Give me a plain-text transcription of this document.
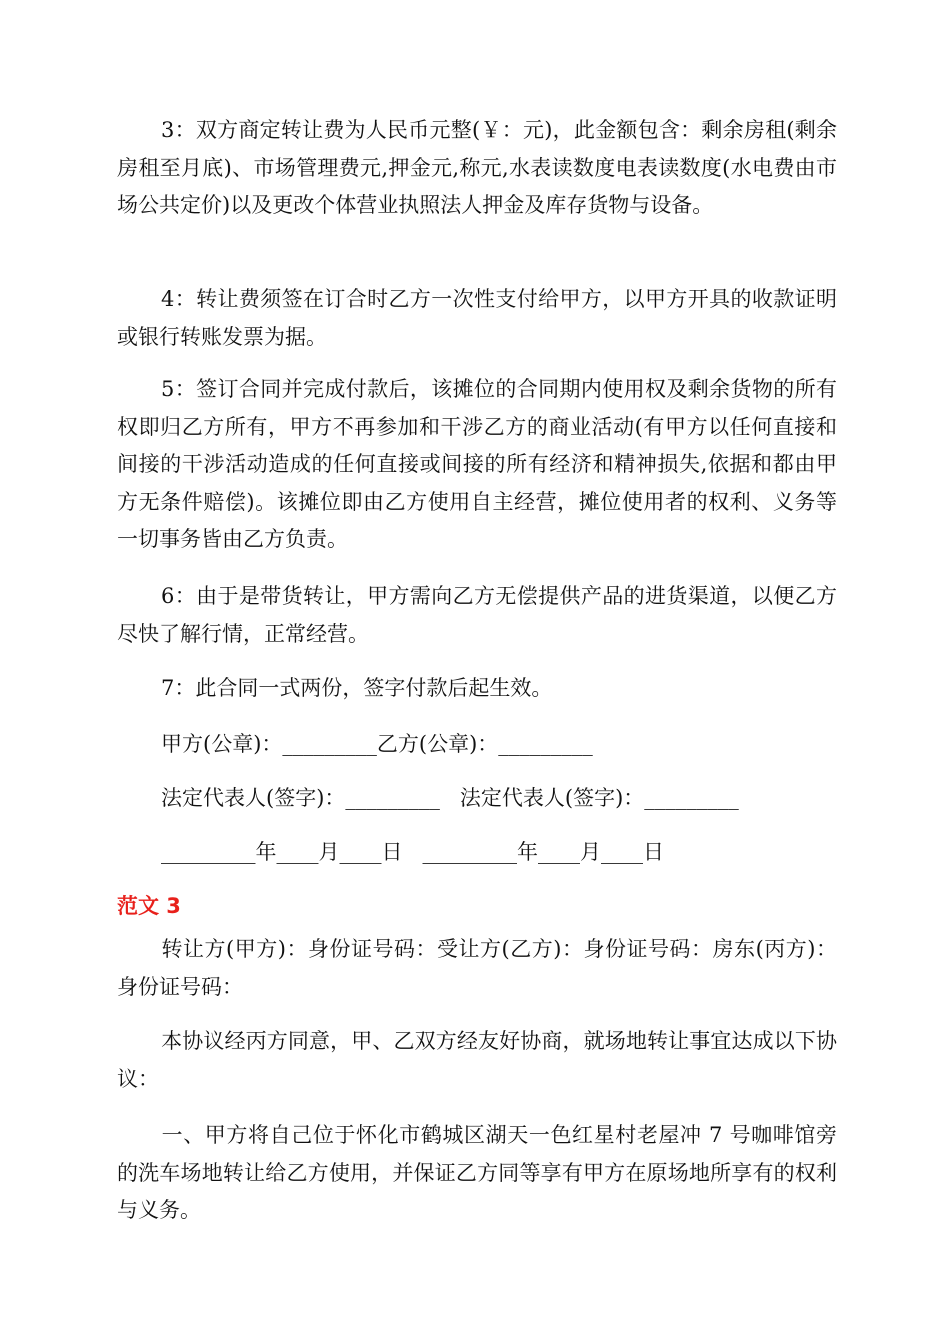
3：双方商定转让费为人民币元整(￥：元)，此金额包含：剩余房租(剩余房租至月底)、市场管理费元,押金元,称元,水表读数度电表读数度(水电费由市场公共定价)以及更改个体营业执照法人押金及库存货物与设备。

4：转让费须签在订合时乙方一次性支付给甲方，以甲方开具的收款证明或银行转账发票为据。

5：签订合同并完成付款后，该摊位的合同期内使用权及剩余货物的所有权即归乙方所有，甲方不再参加和干涉乙方的商业活动(有甲方以任何直接和间接的干涉活动造成的任何直接或间接的所有经济和精神损失,依据和都由甲方无条件赔偿)。该摊位即由乙方使用自主经营，摊位使用者的权利、义务等一切事务皆由乙方负责。

6：由于是带货转让，甲方需向乙方无偿提供产品的进货渠道，以便乙方尽快了解行情，正常经营。

7：此合同一式两份，签字付款后起生效。

甲方(公章)：_________乙方(公章)：_________

法定代表人(签字)：_________   法定代表人(签字)：_________

_________年____月____日   _________年____月____日

范文 3

转让方(甲方)：身份证号码：受让方(乙方)：身份证号码：房东(丙方)：身份证号码：

本协议经丙方同意，甲、乙双方经友好协商，就场地转让事宜达成以下协议：

一、甲方将自己位于怀化市鹤城区湖天一色红星村老屋冲 7 号咖啡馆旁的洗车场地转让给乙方使用，并保证乙方同等享有甲方在原场地所享有的权利与义务。
